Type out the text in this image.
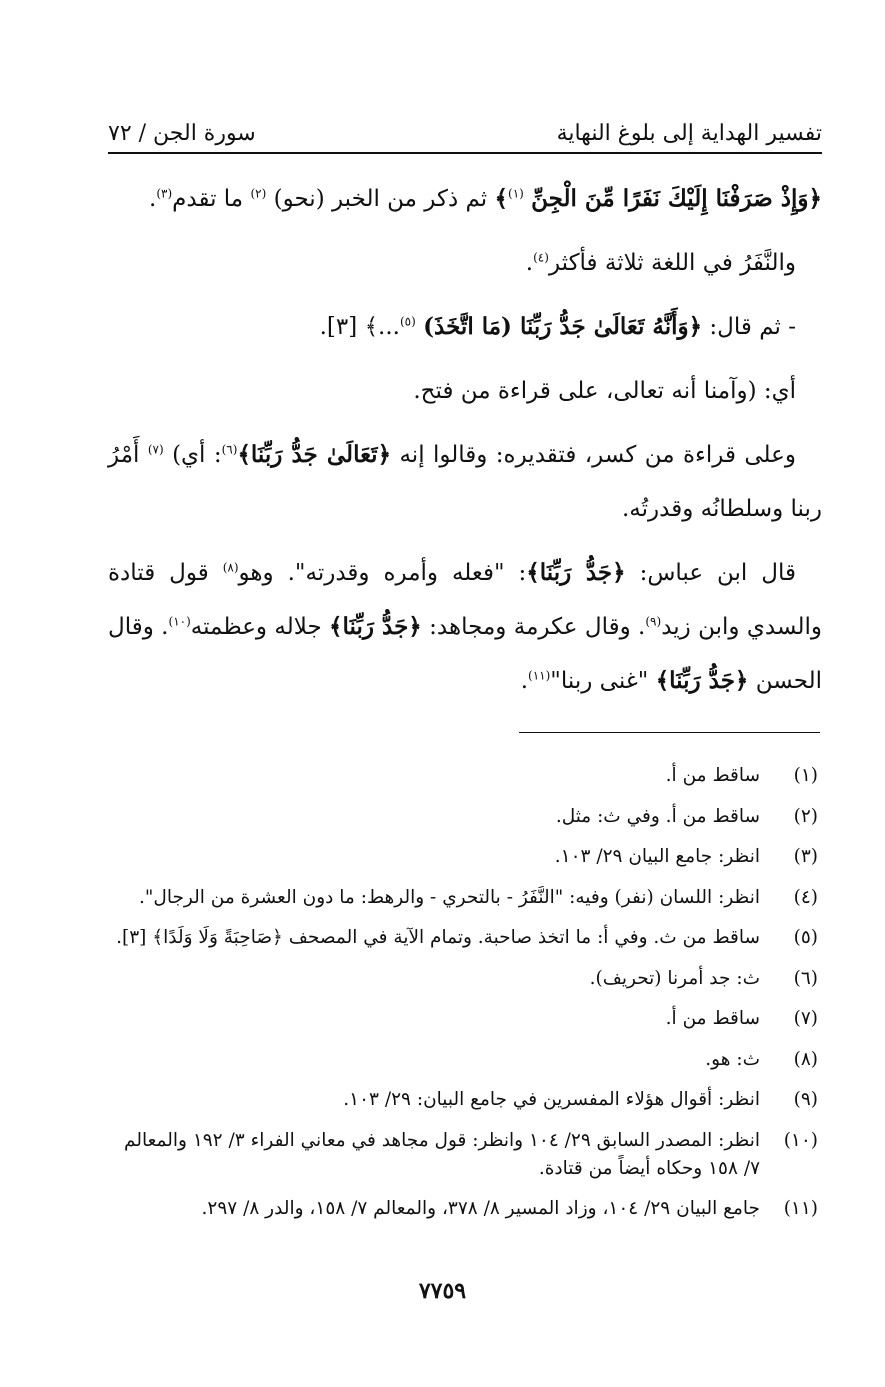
تفسير الهداية إلى بلوغ النهاية
سورة الجن / ٧٢

﴿وَإِذْ صَرَفْنَا إِلَيْكَ نَفَرًا مِّنَ الْجِنِّ $^{(١)}$﴾ ثم ذكر من الخبر (نحو) $^{(٢)}$ ما تقدم$^{(٣)}$.

والنَّفَرُ في اللغة ثلاثة فأكثر$^{(٤)}$.

- ثم قال: ﴿وَأَنَّهُ تَعَالَىٰ جَدُّ رَبِّنَا (مَا اتَّخَذَ) $^{(٥)}$...﴾ [٣].

أي: (وآمنا أنه تعالى، على قراءة من فتح.

وعلى قراءة من كسر، فتقديره: وقالوا إنه ﴿تَعَالَىٰ جَدُّ رَبِّنَا﴾$^{(٦)}$: أي) $^{(٧)}$ أَمْرُ ربنا وسلطانُه وقدرتُه.

قال ابن عباس: ﴿جَدُّ رَبِّنَا﴾: "فعله وأمره وقدرته". وهو$^{(٨)}$ قول قتادة والسدي وابن زيد$^{(٩)}$. وقال عكرمة ومجاهد: ﴿جَدُّ رَبِّنَا﴾ جلاله وعظمته$^{(١٠)}$. وقال الحسن ﴿جَدُّ رَبِّنَا﴾ "غنى ربنا"$^{(١١)}$.

(١)
ساقط من أ.
(٢)
ساقط من أ. وفي ث: مثل.
(٣)
انظر: جامع البيان ٢٩/ ١٠٣.
(٤)
انظر: اللسان (نفر) وفيه: "النَّفَرُ - بالتحري - والرهط: ما دون العشرة من الرجال".
(٥)
ساقط من ث. وفي أ: ما اتخذ صاحبة. وتمام الآية في المصحف ﴿صَاحِبَةً وَلَا وَلَدًا﴾ [٣].
(٦)
ث: جد أمرنا (تحريف).
(٧)
ساقط من أ.
(٨)
ث: هو.
(٩)
انظر: أقوال هؤلاء المفسرين في جامع البيان: ٢٩/ ١٠٣.
(١٠)
انظر: المصدر السابق ٢٩/ ١٠٤ وانظر: قول مجاهد في معاني الفراء ٣/ ١٩٢ والمعالم ٧/ ١٥٨ وحكاه أيضاً من قتادة.
(١١)
جامع البيان ٢٩/ ١٠٤، وزاد المسير ٨/ ٣٧٨، والمعالم ٧/ ١٥٨، والدر ٨/ ٢٩٧.
٧٧٥٩
